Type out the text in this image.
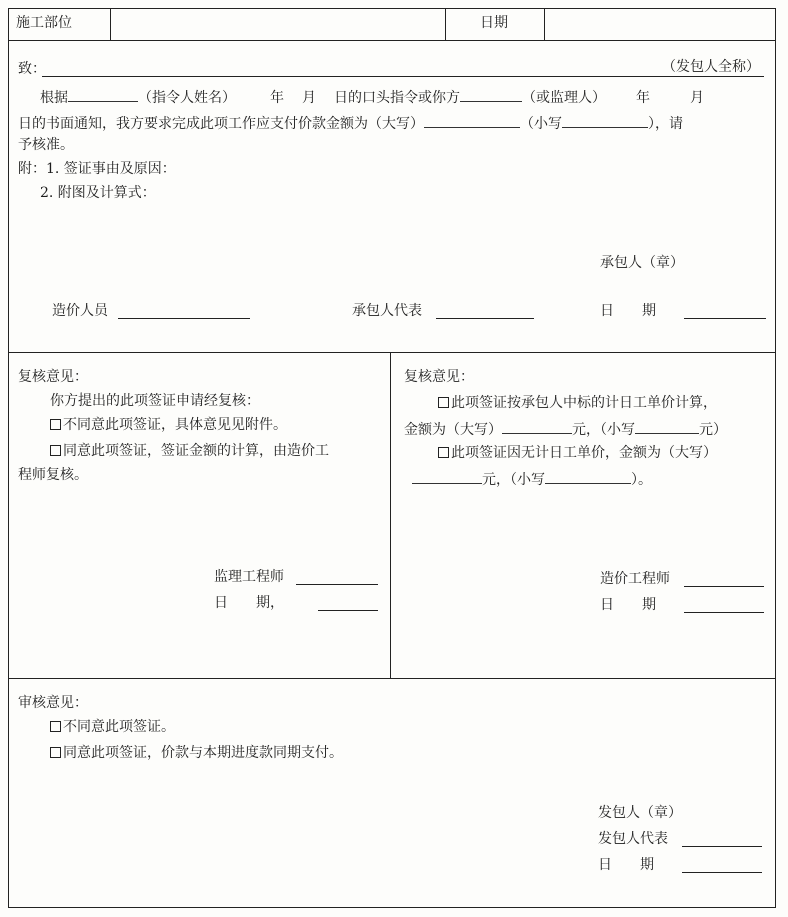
施工部位	日期
致：	（发包人全称）
根据	（指令人姓名） 年 月 日的口头指令或你方	（或监理人） 年	月
日的书面通知，我方要求完成此项工作应支付价款金额为（大写）	（小写	），请
予核准。
附：1. 签证事由及原因：
2. 附图及计算式：
承包人（章）
造价人员	承包人代表	日　　期
复核意见：
你方提出的此项签证申请经复核：
不同意此项签证，具体意见见附件。
同意此项签证，签证金额的计算，由造价工
程师复核。
监理工程师
日　　期，
复核意见：
此项签证按承包人中标的计日工单价计算，
金额为（大写）	元，（小写	元）
此项签证因无计日工单价，金额为（大写）
元，（小写	）。
造价工程师
日　　期
审核意见：
不同意此项签证。
同意此项签证，价款与本期进度款同期支付。
发包人（章）
发包人代表
日　　期
